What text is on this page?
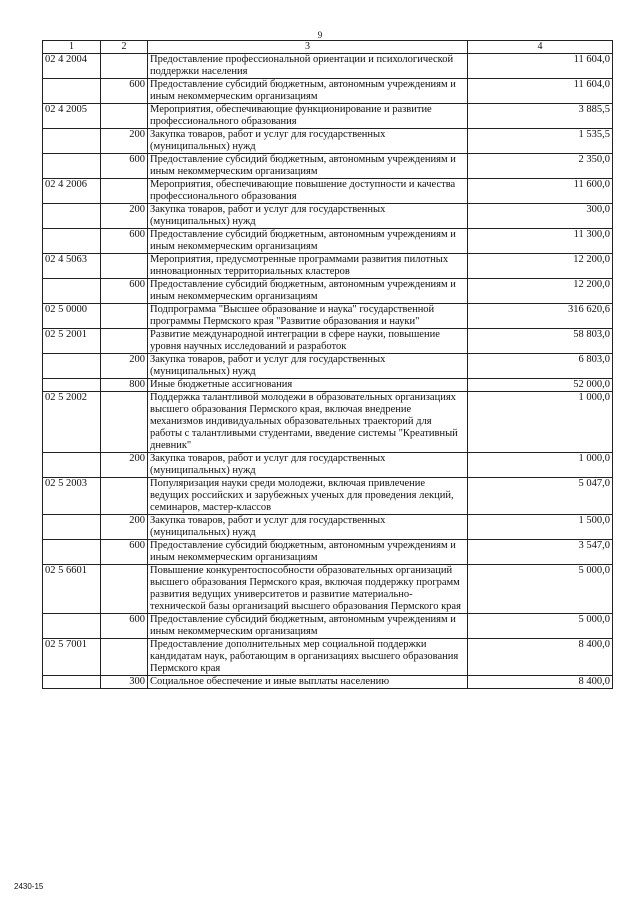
9
1	2	3	4
02 4 2004		Предоставление профессиональной ориентации и психологической поддержки населения	11 604,0
	600	Предоставление субсидий бюджетным, автономным учреждениям и иным некоммерческим организациям	11 604,0
02 4 2005		Мероприятия, обеспечивающие функционирование и развитие профессионального образования	3 885,5
	200	Закупка товаров, работ и услуг для государственных (муниципальных) нужд	1 535,5
	600	Предоставление субсидий бюджетным, автономным учреждениям и иным некоммерческим организациям	2 350,0
02 4 2006		Мероприятия, обеспечивающие повышение доступности и качества профессионального образования	11 600,0
	200	Закупка товаров, работ и услуг для государственных (муниципальных) нужд	300,0
	600	Предоставление субсидий бюджетным, автономным учреждениям и иным некоммерческим организациям	11 300,0
02 4 5063		Мероприятия, предусмотренные программами развития пилотных инновационных территориальных кластеров	12 200,0
	600	Предоставление субсидий бюджетным, автономным учреждениям и иным некоммерческим организациям	12 200,0
02 5 0000		Подпрограмма "Высшее образование и наука" государственной программы Пермского края "Развитие образования и науки"	316 620,6
02 5 2001		Развитие международной интеграции в сфере науки, повышение уровня научных исследований и разработок	58 803,0
	200	Закупка товаров, работ и услуг для государственных (муниципальных) нужд	6 803,0
	800	Иные бюджетные ассигнования	52 000,0
02 5 2002		Поддержка талантливой молодежи в образовательных организациях высшего образования Пермского края, включая внедрение механизмов индивидуальных образовательных траекторий для работы с талантливыми студентами, введение системы "Креативный дневник"	1 000,0
	200	Закупка товаров, работ и услуг для государственных (муниципальных) нужд	1 000,0
02 5 2003		Популяризация науки среди молодежи, включая привлечение ведущих российских и зарубежных ученых для проведения лекций, семинаров, мастер-классов	5 047,0
	200	Закупка товаров, работ и услуг для государственных (муниципальных) нужд	1 500,0
	600	Предоставление субсидий бюджетным, автономным учреждениям и иным некоммерческим организациям	3 547,0
02 5 6601		Повышение конкурентоспособности образовательных организаций высшего образования Пермского края, включая поддержку программ развития ведущих университетов и развитие материально-технической базы организаций высшего образования Пермского края	5 000,0
	600	Предоставление субсидий бюджетным, автономным учреждениям и иным некоммерческим организациям	5 000,0
02 5 7001		Предоставление дополнительных мер социальной поддержки кандидатам наук, работающим в организациях высшего образования Пермского края	8 400,0
	300	Социальное обеспечение и иные выплаты населению	8 400,0
2430-15
